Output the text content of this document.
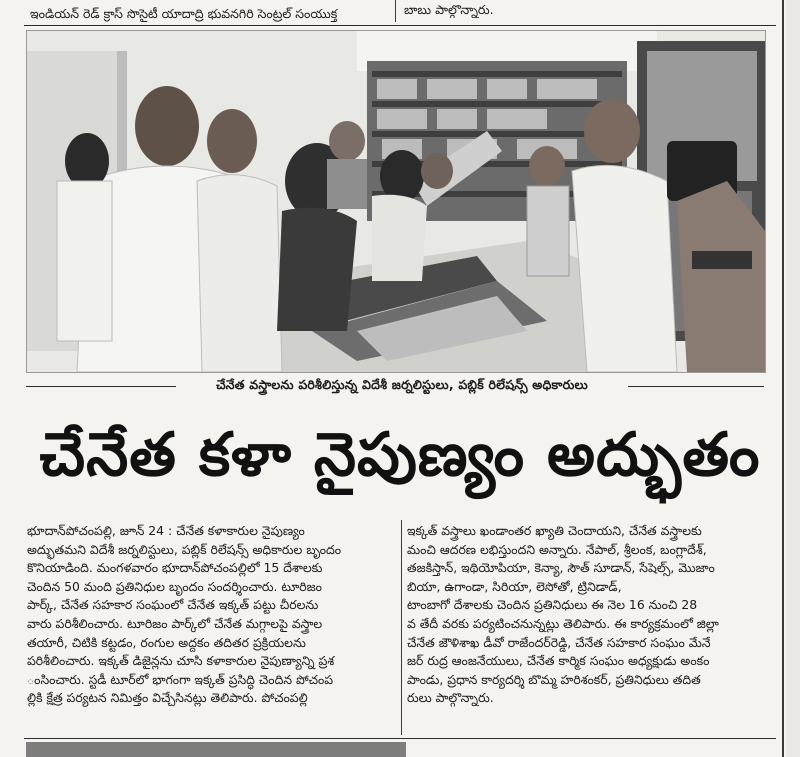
ఇండియన్ రెడ్ క్రాస్ సొసైటీ యాదాద్రి భువనగిరి సెంట్రల్ సంయుక్త	బాబు పాల్గొన్నారు.
చేనేత వస్త్రాలను పరిశీలిస్తున్న విదేశీ జర్నలిస్టులు, పబ్లిక్ రిలేషన్స్ అధికారులు
చేనేత కళా నైపుణ్యం అద్భుతం

భూదాన్‌పోచంపల్లి, జూన్ 24 : చేనేత కళాకారుల నైపుణ్యం

అద్భుతమని విదేశీ జర్నలిస్టులు, పబ్లిక్ రిలేషన్స్ అధికారుల బృందం

కొనియాడింది. మంగళవారం భూదాన్‌పోచంపల్లిలో 15 దేశాలకు

చెందిన 50 మంది ప్రతినిధుల బృందం సందర్శించారు. టూరిజం

పార్క్, చేనేత సహకార సంఘంలో చేనేత ఇక్కత్ పట్టు చీరలను

వారు పరిశీలించారు. టూరిజం పార్క్‌లో చేనేత మగ్గాలపై వస్త్రాల

తయారీ, చిటికి కట్టడం, రంగుల అద్దకం తదితర ప్రక్రియలను

పరిశీలించారు. ఇక్కత్ డిజైన్లను చూసి కళాకారుల నైపుణ్యాన్ని ప్రశ

ంసించారు. స్టడీ టూర్‌లో భాగంగా ఇక్కత్ ప్రసిద్ధి చెందిన పోచంప

ల్లికి క్షేత్ర పర్యటన నిమిత్తం విచ్చేసినట్లు తెలిపారు. పోచంపల్లి

ఇక్కత్ వస్త్రాలు ఖండాంతర ఖ్యాతి చెందాయని, చేనేత వస్త్రాలకు

మంచి ఆదరణ లభిస్తుందని అన్నారు. నేపాల్, శ్రీలంక, బంగ్లాదేశ్,

తజకిస్తాన్, ఇథియోపియా, కెన్యా, సౌత్ సూడాన్, సేషెల్స్, మొజాం

బియా, ఉగాండా, సిరియా, లెసోతో, ట్రినిడాడ్,

టాంబాగో దేశాలకు చెందిన ప్రతినిధులు ఈ నెల 16 నుంచి 28

వ తేదీ వరకు పర్యటించనున్నట్లు తెలిపారు. ఈ కార్యక్రమంలో జిల్లా

చేనేత జౌళిశాఖ డీవో రాజేందర్‌రెడ్డి, చేనేత సహకార సంఘం మేనే

జర్ రుద్ర ఆంజనేయులు, చేనేత కార్మిక సంఘం అధ్యక్షుడు అంకం

పాండు, ప్రధాన కార్యదర్శి బొమ్మ హరిశంకర్, ప్రతినిధులు తదిత

రులు పాల్గొన్నారు.
